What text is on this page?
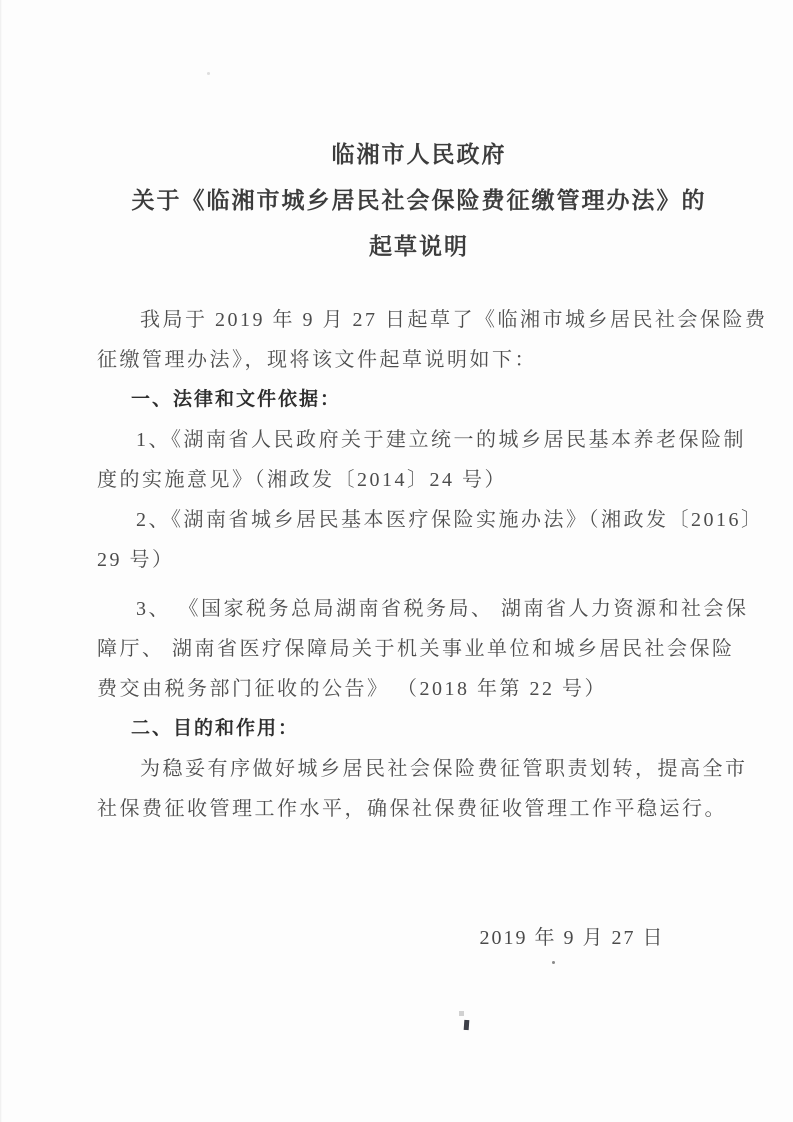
临湘市人民政府
关于《临湘市城乡居民社会保险费征缴管理办法》的
起草说明
我局于 2019 年 9 月 27 日起草了《临湘市城乡居民社会保险费
征缴管理办法》，现将该文件起草说明如下：
一、法律和文件依据：
1、《湖南省人民政府关于建立统一的城乡居民基本养老保险制
度的实施意见》（湘政发〔2014〕24 号）
2、《湖南省城乡居民基本医疗保险实施办法》（湘政发〔2016〕
29 号）
3、 《国家税务总局湖南省税务局、 湖南省人力资源和社会保
障厅、 湖南省医疗保障局关于机关事业单位和城乡居民社会保险
费交由税务部门征收的公告》 （2018 年第 22 号）
二、目的和作用：
为稳妥有序做好城乡居民社会保险费征管职责划转，提高全市
社保费征收管理工作水平，确保社保费征收管理工作平稳运行。
2019 年 9 月 27 日
